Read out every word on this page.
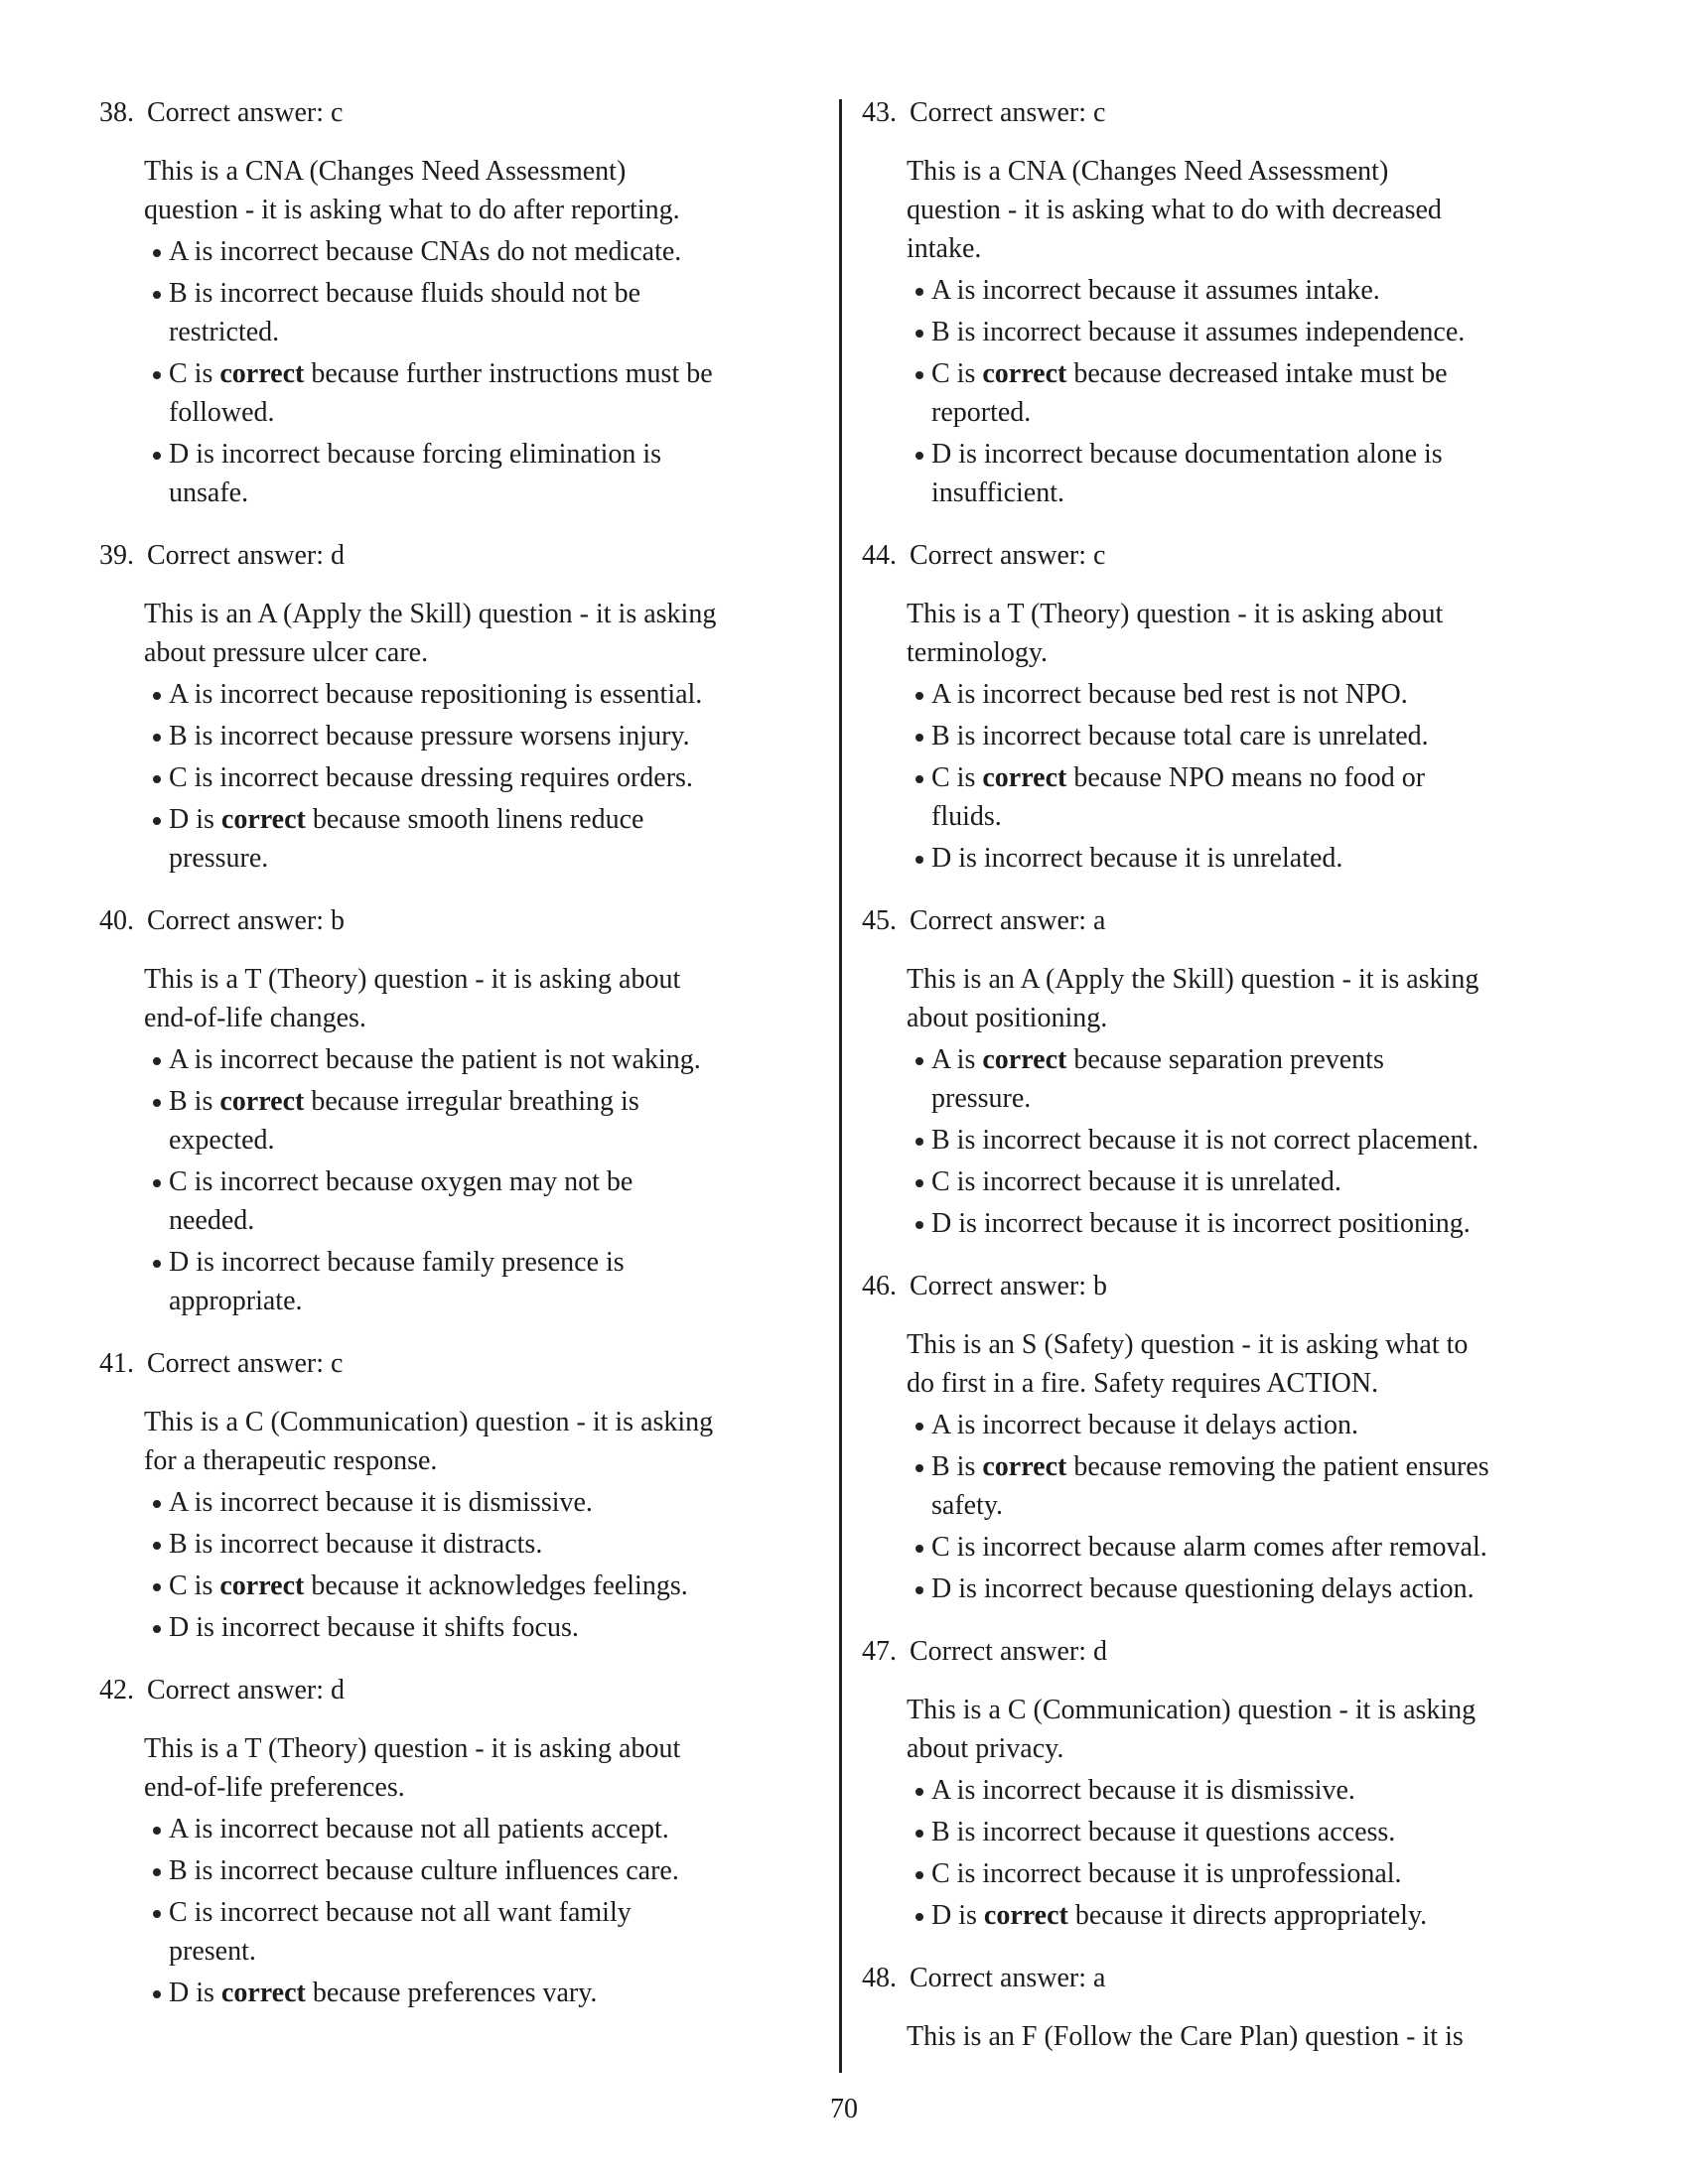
38. Correct answer: c
This is a CNA (Changes Need Assessment)
question - it is asking what to do after reporting.
A is incorrect because CNAs do not medicate.
B is incorrect because fluids should not be
restricted.
C is correct because further instructions must be
followed.
D is incorrect because forcing elimination is
unsafe.
39. Correct answer: d
This is an A (Apply the Skill) question - it is asking
about pressure ulcer care.
A is incorrect because repositioning is essential.
B is incorrect because pressure worsens injury.
C is incorrect because dressing requires orders.
D is correct because smooth linens reduce
pressure.
40. Correct answer: b
This is a T (Theory) question - it is asking about
end-of-life changes.
A is incorrect because the patient is not waking.
B is correct because irregular breathing is
expected.
C is incorrect because oxygen may not be
needed.
D is incorrect because family presence is
appropriate.
41. Correct answer: c
This is a C (Communication) question - it is asking
for a therapeutic response.
A is incorrect because it is dismissive.
B is incorrect because it distracts.
C is correct because it acknowledges feelings.
D is incorrect because it shifts focus.
42. Correct answer: d
This is a T (Theory) question - it is asking about
end-of-life preferences.
A is incorrect because not all patients accept.
B is incorrect because culture influences care.
C is incorrect because not all want family
present.
D is correct because preferences vary.
43. Correct answer: c
This is a CNA (Changes Need Assessment)
question - it is asking what to do with decreased
intake.
A is incorrect because it assumes intake.
B is incorrect because it assumes independence.
C is correct because decreased intake must be
reported.
D is incorrect because documentation alone is
insufficient.
44. Correct answer: c
This is a T (Theory) question - it is asking about
terminology.
A is incorrect because bed rest is not NPO.
B is incorrect because total care is unrelated.
C is correct because NPO means no food or
fluids.
D is incorrect because it is unrelated.
45. Correct answer: a
This is an A (Apply the Skill) question - it is asking
about positioning.
A is correct because separation prevents
pressure.
B is incorrect because it is not correct placement.
C is incorrect because it is unrelated.
D is incorrect because it is incorrect positioning.
46. Correct answer: b
This is an S (Safety) question - it is asking what to
do first in a fire. Safety requires ACTION.
A is incorrect because it delays action.
B is correct because removing the patient ensures
safety.
C is incorrect because alarm comes after removal.
D is incorrect because questioning delays action.
47. Correct answer: d
This is a C (Communication) question - it is asking
about privacy.
A is incorrect because it is dismissive.
B is incorrect because it questions access.
C is incorrect because it is unprofessional.
D is correct because it directs appropriately.
48. Correct answer: a
This is an F (Follow the Care Plan) question - it is
70
